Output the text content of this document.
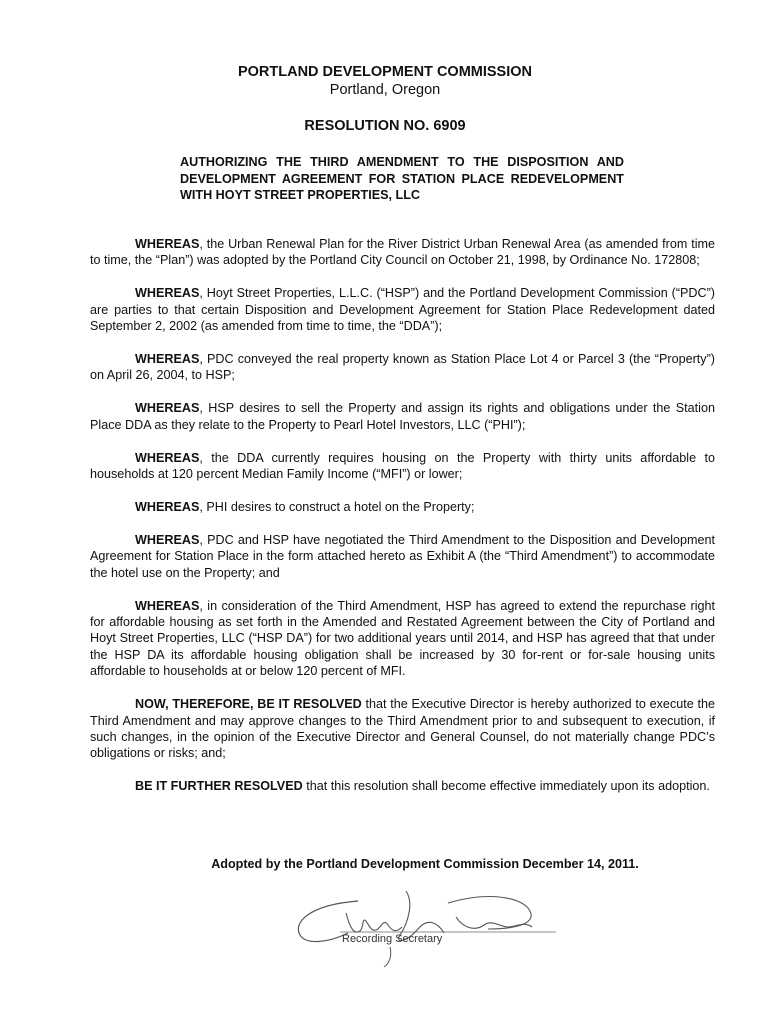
PORTLAND DEVELOPMENT COMMISSION
Portland, Oregon
RESOLUTION NO. 6909
AUTHORIZING THE THIRD AMENDMENT TO THE DISPOSITION AND DEVELOPMENT AGREEMENT FOR STATION PLACE REDEVELOPMENT WITH HOYT STREET PROPERTIES, LLC

WHEREAS, the Urban Renewal Plan for the River District Urban Renewal Area (as amended from time to time, the “Plan”) was adopted by the Portland City Council on October 21, 1998, by Ordinance No. 172808;

WHEREAS, Hoyt Street Properties, L.L.C. (“HSP”) and the Portland Development Commission (“PDC”) are parties to that certain Disposition and Development Agreement for Station Place Redevelopment dated September 2, 2002 (as amended from time to time, the “DDA”);

WHEREAS, PDC conveyed the real property known as Station Place Lot 4 or Parcel 3 (the “Property”) on April 26, 2004, to HSP;

WHEREAS, HSP desires to sell the Property and assign its rights and obligations under the Station Place DDA as they relate to the Property to Pearl Hotel Investors, LLC (“PHI”);

WHEREAS, the DDA currently requires housing on the Property with thirty units affordable to households at 120 percent Median Family Income (“MFI”) or lower;

WHEREAS, PHI desires to construct a hotel on the Property;

WHEREAS, PDC and HSP have negotiated the Third Amendment to the Disposition and Development Agreement for Station Place in the form attached hereto as Exhibit A (the “Third Amendment”) to accommodate the hotel use on the Property; and

WHEREAS, in consideration of the Third Amendment, HSP has agreed to extend the repurchase right for affordable housing as set forth in the Amended and Restated Agreement between the City of Portland and Hoyt Street Properties, LLC (“HSP DA”) for two additional years until 2014, and HSP has agreed that that under the HSP DA its affordable housing obligation shall be increased by 30 for-rent or for-sale housing units affordable to households at or below 120 percent of MFI.

NOW, THEREFORE, BE IT RESOLVED that the Executive Director is hereby authorized to execute the Third Amendment and may approve changes to the Third Amendment prior to and subsequent to execution, if such changes, in the opinion of the Executive Director and General Counsel, do not materially change PDC’s obligations or risks; and;

BE IT FURTHER RESOLVED that this resolution shall become effective immediately upon its adoption.

Adopted by the Portland Development Commission December 14, 2011.
Recording Secretary
